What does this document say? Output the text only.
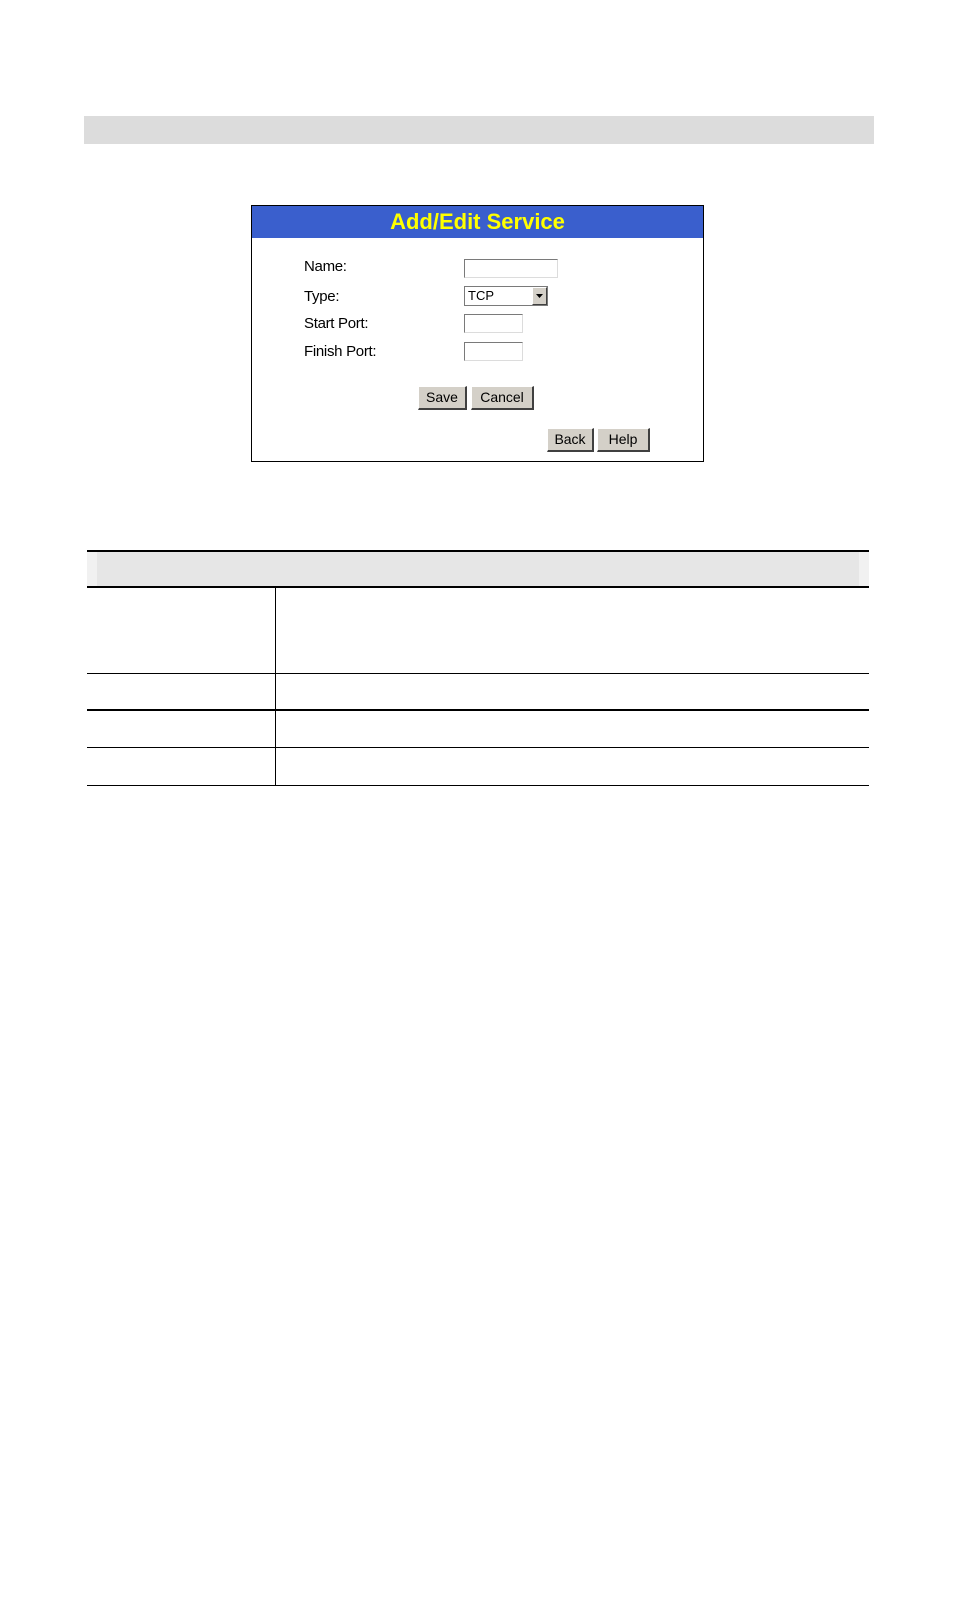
Add/Edit Service
Name:
Type:	TCP
Start Port:
Finish Port:
Save	Cancel
Back	Help
